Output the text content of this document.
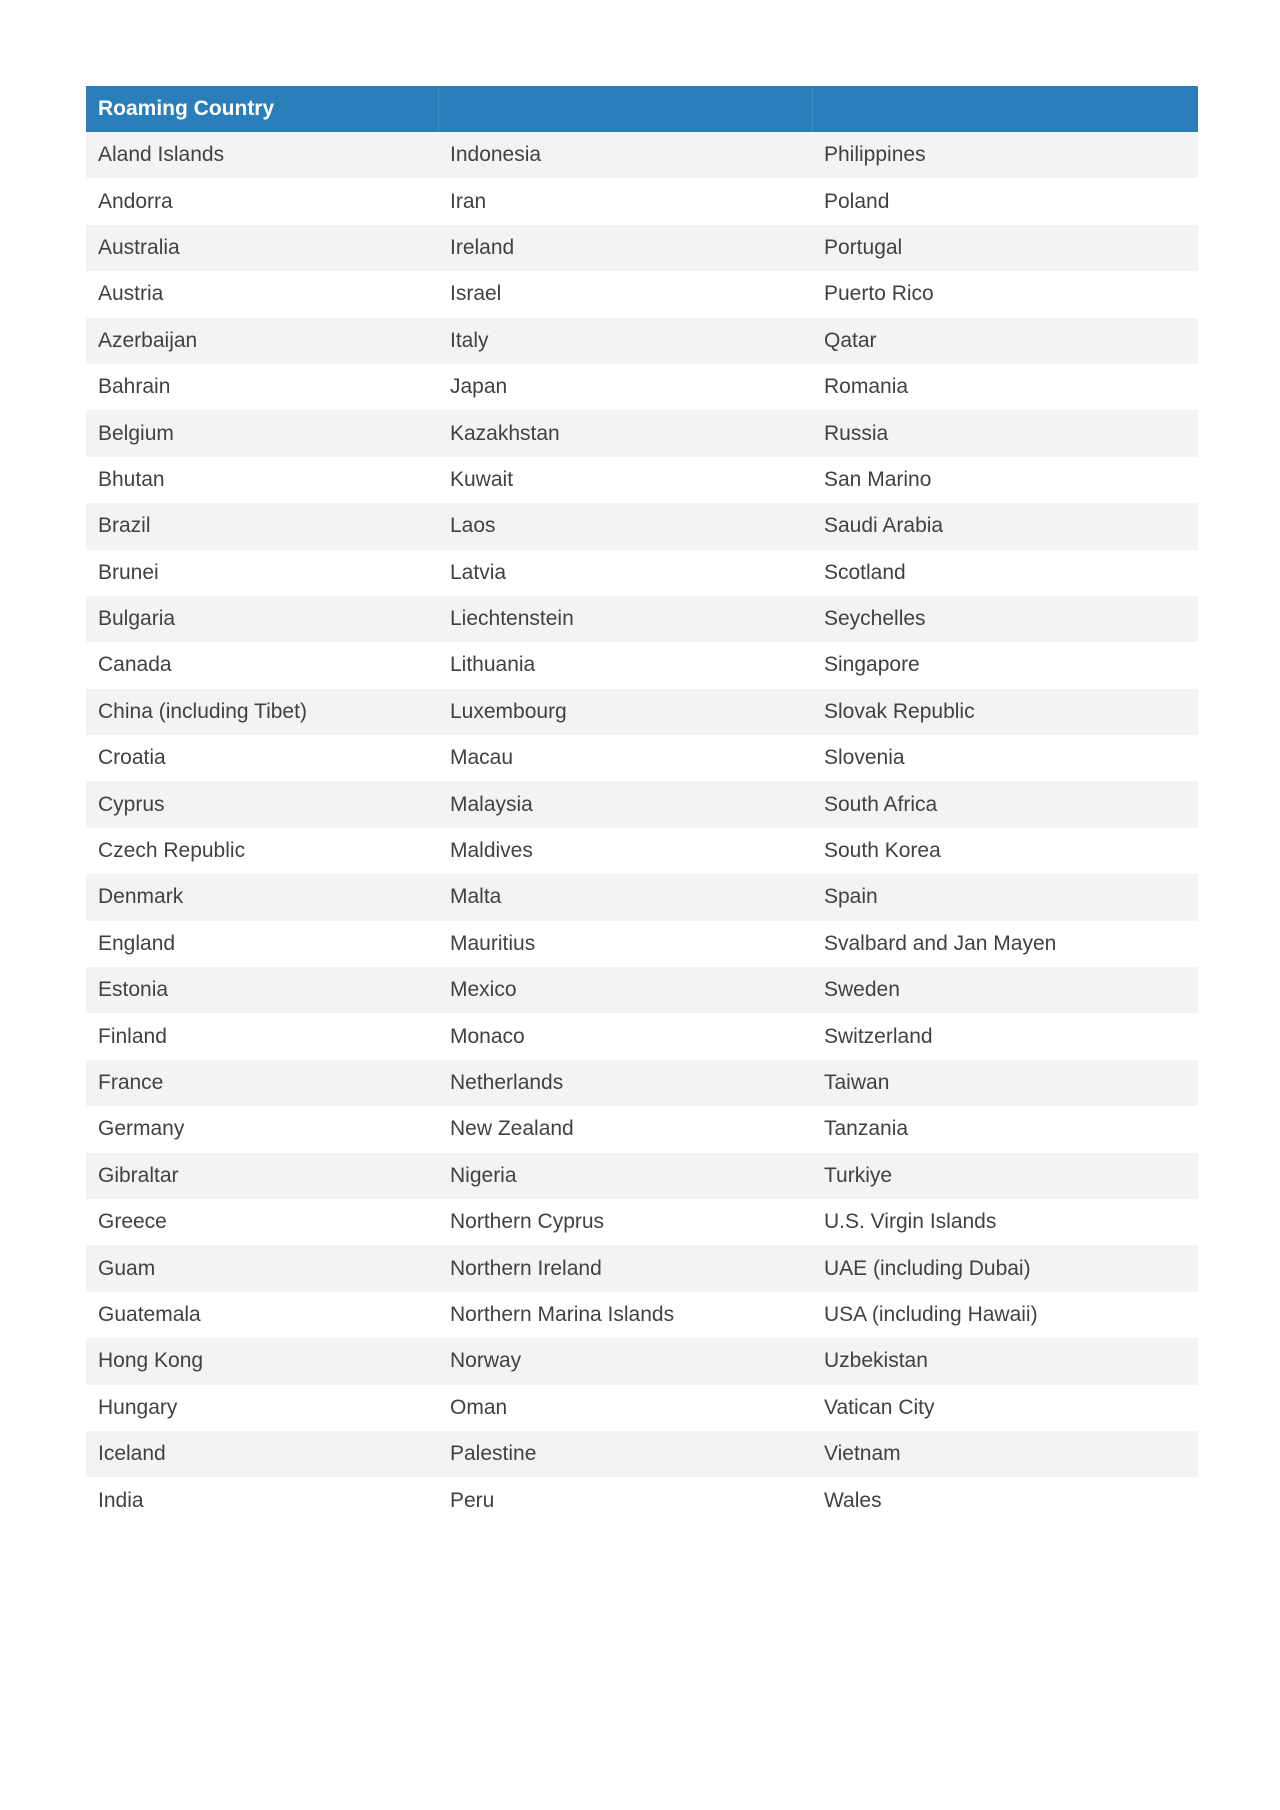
Roaming Country		
Aland Islands	Indonesia	Philippines
Andorra	Iran	Poland
Australia	Ireland	Portugal
Austria	Israel	Puerto Rico
Azerbaijan	Italy	Qatar
Bahrain	Japan	Romania
Belgium	Kazakhstan	Russia
Bhutan	Kuwait	San Marino
Brazil	Laos	Saudi Arabia
Brunei	Latvia	Scotland
Bulgaria	Liechtenstein	Seychelles
Canada	Lithuania	Singapore
China (including Tibet)	Luxembourg	Slovak Republic
Croatia	Macau	Slovenia
Cyprus	Malaysia	South Africa
Czech Republic	Maldives	South Korea
Denmark	Malta	Spain
England	Mauritius	Svalbard and Jan Mayen
Estonia	Mexico	Sweden
Finland	Monaco	Switzerland
France	Netherlands	Taiwan
Germany	New Zealand	Tanzania
Gibraltar	Nigeria	Turkiye
Greece	Northern Cyprus	U.S. Virgin Islands
Guam	Northern Ireland	UAE (including Dubai)
Guatemala	Northern Marina Islands	USA (including Hawaii)
Hong Kong	Norway	Uzbekistan
Hungary	Oman	Vatican City
Iceland	Palestine	Vietnam
India	Peru	Wales
